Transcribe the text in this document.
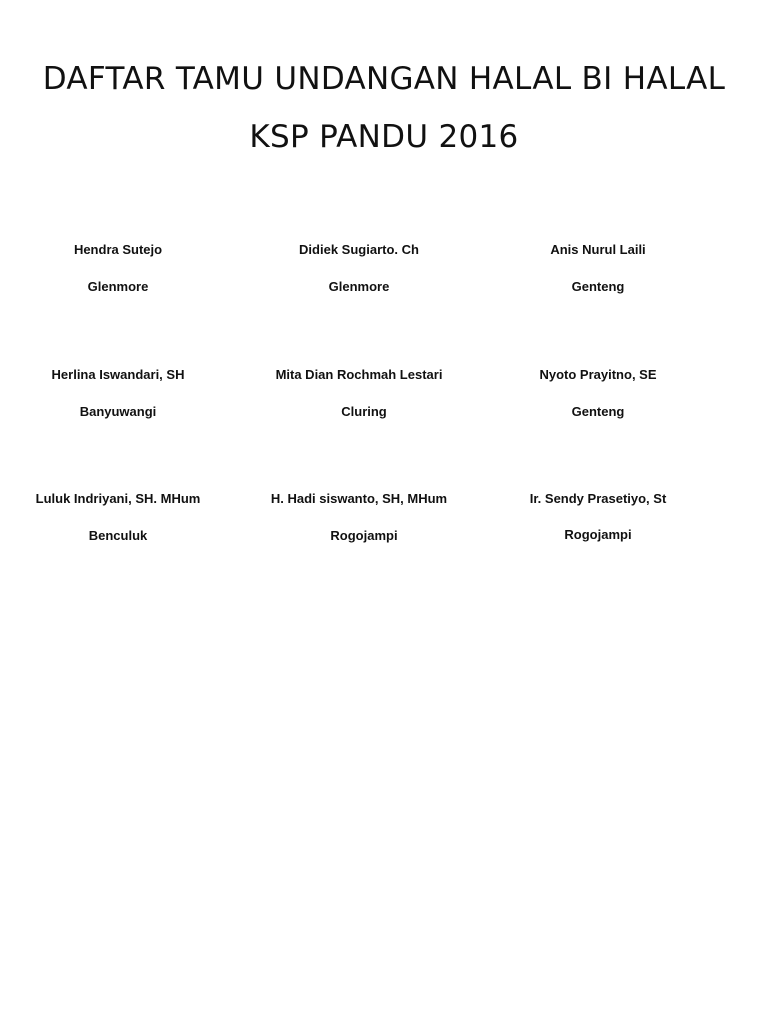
DAFTAR TAMU UNDANGAN HALAL BI HALAL
KSP PANDU 2016
Hendra Sutejo
Glenmore
Didiek Sugiarto. Ch
Glenmore
Anis Nurul Laili
Genteng
Herlina Iswandari, SH
Banyuwangi
Mita Dian Rochmah Lestari
Cluring
Nyoto Prayitno, SE
Genteng
Luluk Indriyani, SH. MHum
Benculuk
H. Hadi siswanto, SH, MHum
Rogojampi
Ir. Sendy Prasetiyo, St
Rogojampi
